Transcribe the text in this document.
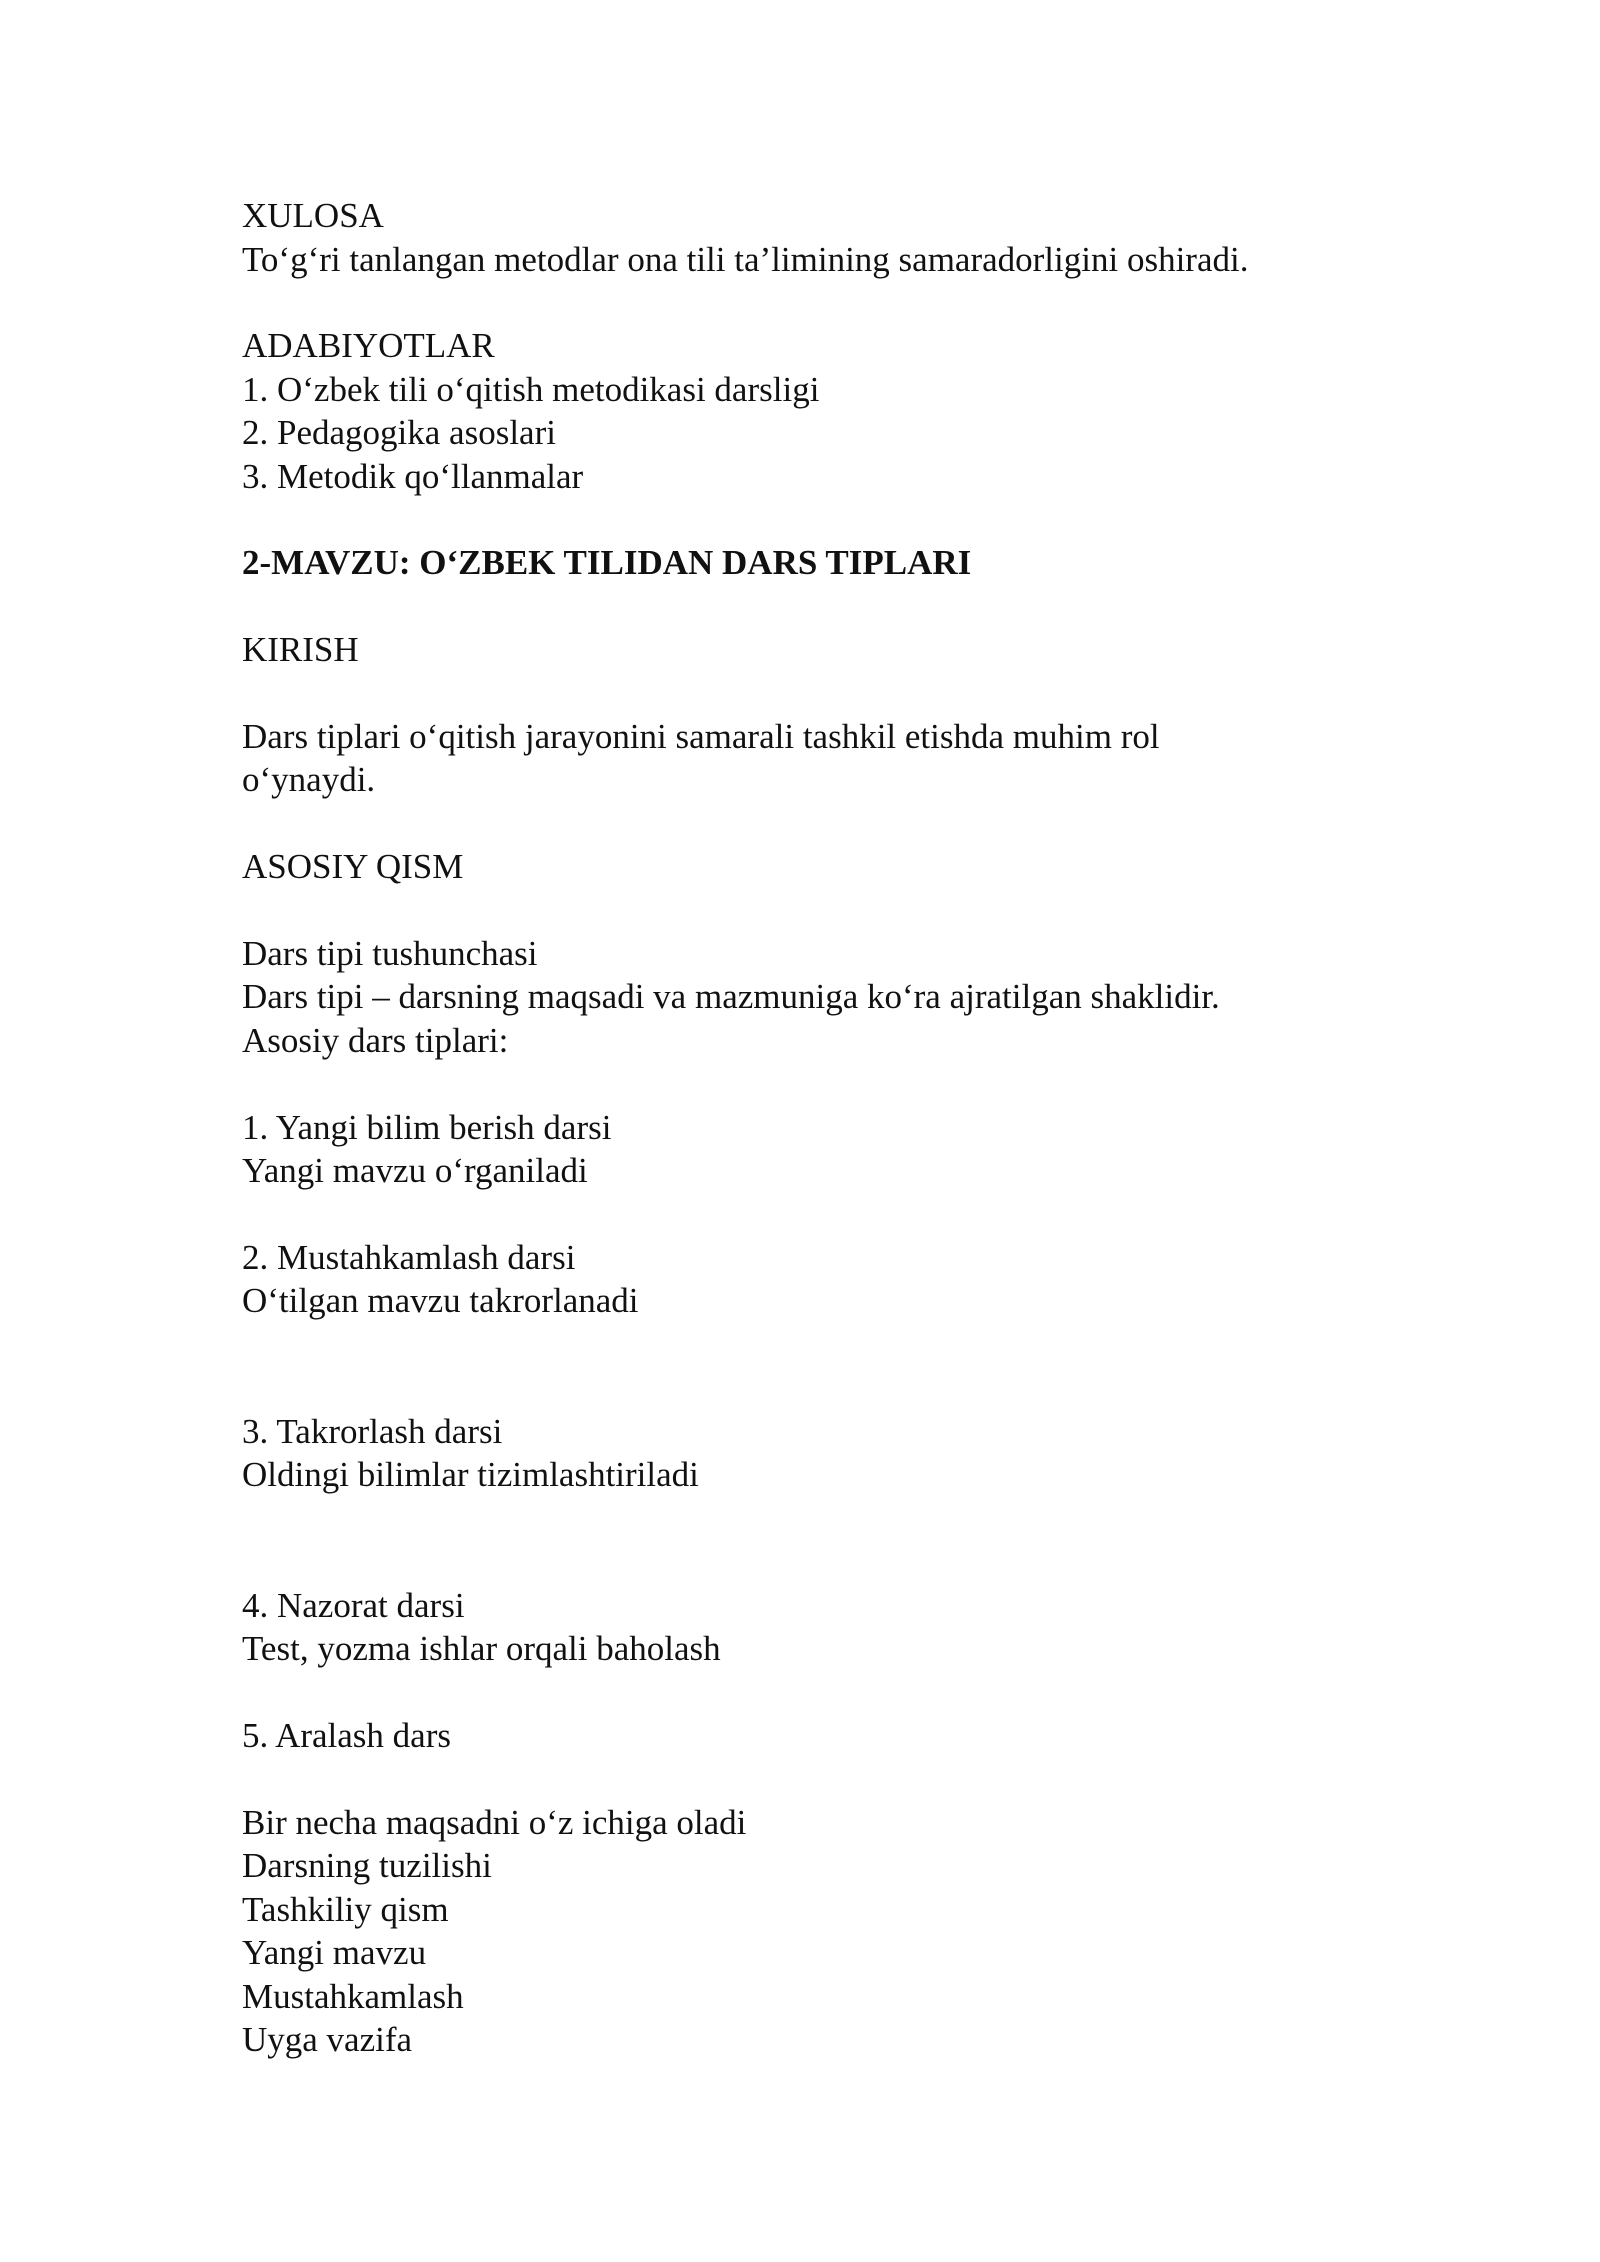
XULOSA
To‘g‘ri tanlangan metodlar ona tili ta’limining samaradorligini oshiradi.
ADABIYOTLAR
1. O‘zbek tili o‘qitish metodikasi darsligi
2. Pedagogika asoslari
3. Metodik qo‘llanmalar
2-MAVZU: O‘ZBEK TILIDAN DARS TIPLARI
KIRISH
Dars tiplari o‘qitish jarayonini samarali tashkil etishda muhim rol
o‘ynaydi.
ASOSIY QISM
Dars tipi tushunchasi
Dars tipi – darsning maqsadi va mazmuniga ko‘ra ajratilgan shaklidir.
Asosiy dars tiplari:
1. Yangi bilim berish darsi
Yangi mavzu o‘rganiladi
2. Mustahkamlash darsi
O‘tilgan mavzu takrorlanadi
3. Takrorlash darsi
Oldingi bilimlar tizimlashtiriladi
4. Nazorat darsi
Test, yozma ishlar orqali baholash
5. Aralash dars
Bir necha maqsadni o‘z ichiga oladi
Darsning tuzilishi
Tashkiliy qism
Yangi mavzu
Mustahkamlash
Uyga vazifa
